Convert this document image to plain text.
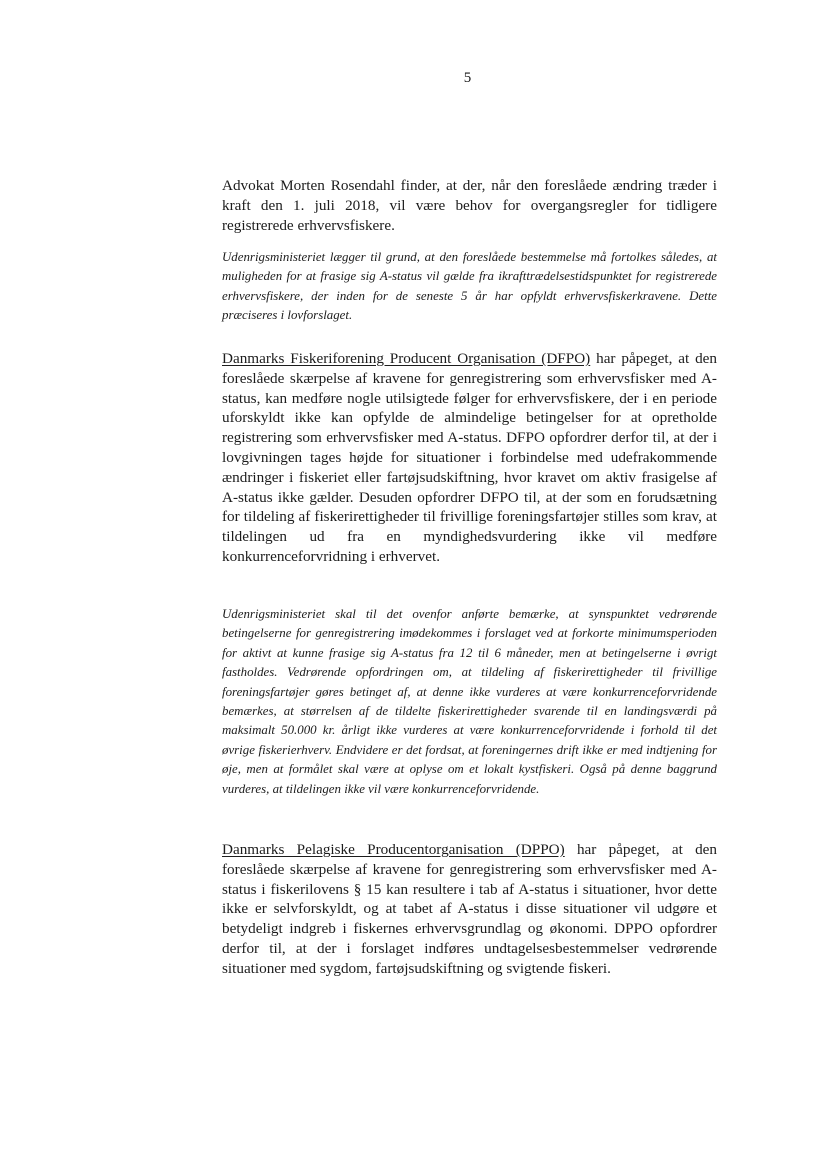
5

Advokat Morten Rosendahl finder, at der, når den foreslåede ændring træder i kraft den 1. juli 2018, vil være behov for overgangsregler for tidligere registrerede erhvervsfiskere.

Udenrigsministeriet lægger til grund, at den foreslåede bestemmelse må fortolkes således, at muligheden for at frasige sig A-status vil gælde fra ikrafttrædelsestidspunktet for registrerede erhvervsfiskere, der inden for de seneste 5 år har opfyldt erhvervsfiskerkravene. Dette præciseres i lovforslaget.

Danmarks Fiskeriforening Producent Organisation (DFPO) har påpeget, at den foreslåede skærpelse af kravene for genregistrering som erhvervsfisker med A-status, kan medføre nogle utilsigtede følger for erhvervsfiskere, der i en periode uforskyldt ikke kan opfylde de almindelige betingelser for at opretholde registrering som erhvervsfisker med A-status. DFPO opfordrer derfor til, at der i lovgivningen tages højde for situationer i forbindelse med udefrakommende ændringer i fiskeriet eller fartøjsudskiftning, hvor kravet om aktiv frasigelse af A-status ikke gælder. Desuden opfordrer DFPO til, at der som en forudsætning for tildeling af fiskerirettigheder til frivillige foreningsfartøjer stilles som krav, at tildelingen ud fra en myndighedsvurdering ikke vil medføre konkurrenceforvridning i erhvervet.

Udenrigsministeriet skal til det ovenfor anførte bemærke, at synspunktet vedrørende betingelserne for genregistrering imødekommes i forslaget ved at forkorte minimumsperioden for aktivt at kunne frasige sig A-status fra 12 til 6 måneder, men at betingelserne i øvrigt fastholdes. Vedrørende opfordringen om, at tildeling af fiskerirettigheder til frivillige foreningsfartøjer gøres betinget af, at denne ikke vurderes at være konkurrenceforvridende bemærkes, at størrelsen af de tildelte fiskerirettigheder svarende til en landingsværdi på maksimalt 50.000 kr. årligt ikke vurderes at være konkurrenceforvridende i forhold til det øvrige fiskerierhverv. Endvidere er det fordsat, at foreningernes drift ikke er med indtjening for øje, men at formålet skal være at oplyse om et lokalt kystfiskeri. Også på denne baggrund vurderes, at tildelingen ikke vil være konkurrenceforvridende.

Danmarks Pelagiske Producentorganisation (DPPO) har påpeget, at den foreslåede skærpelse af kravene for genregistrering som erhvervsfisker med A-status i fiskerilovens § 15 kan resultere i tab af A-status i situationer, hvor dette ikke er selvforskyldt, og at tabet af A-status i disse situationer vil udgøre et betydeligt indgreb i fiskernes erhvervsgrundlag og økonomi. DPPO opfordrer derfor til, at der i forslaget indføres undtagelsesbestemmelser vedrørende situationer med sygdom, fartøjsudskiftning og svigtende fiskeri.
